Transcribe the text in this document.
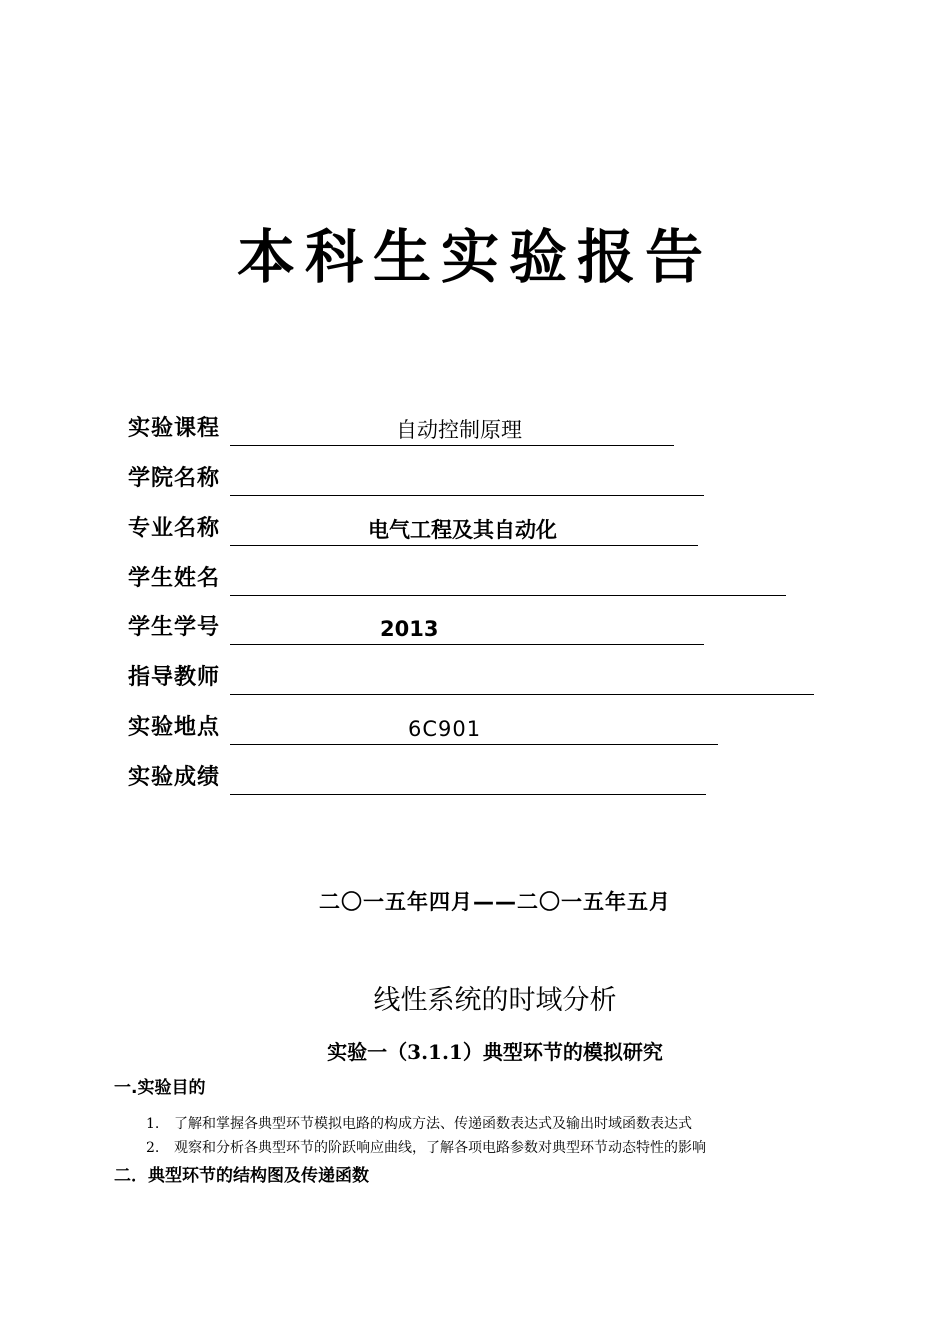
本科生实验报告
实验课程	自动控制原理
学院名称
专业名称	电气工程及其自动化
学生姓名
学生学号	2013
指导教师
实验地点	6C901
实验成绩
二〇一五年四月——二〇一五年五月
线性系统的时域分析
实验一（3.1.1）典型环节的模拟研究
一.实验目的
1. 了解和掌握各典型环节模拟电路的构成方法、传递函数表达式及输出时域函数表达式
2. 观察和分析各典型环节的阶跃响应曲线，了解各项电路参数对典型环节动态特性的影响
二．典型环节的结构图及传递函数
